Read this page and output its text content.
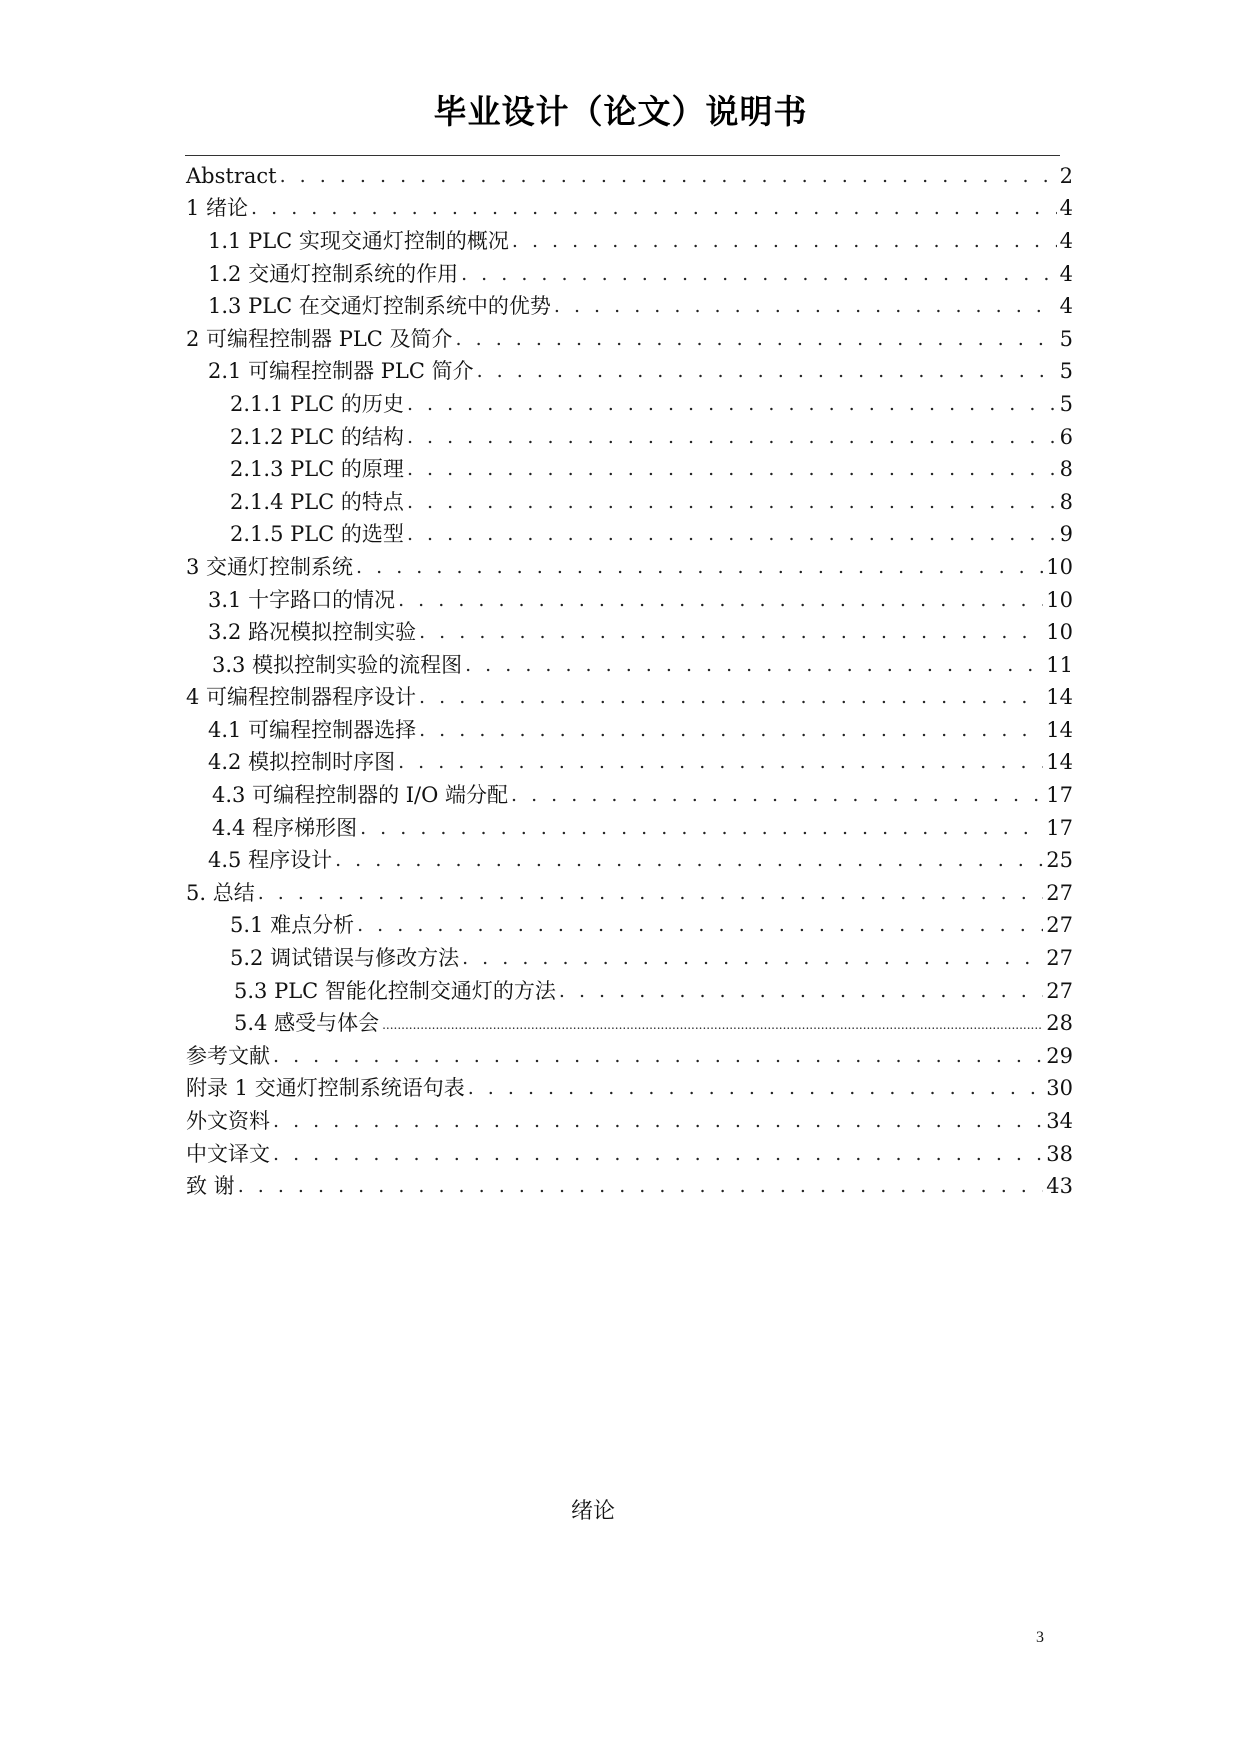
毕业设计（论文）说明书
Abstract . . .	2
1 绪论 . . .	4
1.1 PLC 实现交通灯控制的概况 . . .	4
1.2 交通灯控制系统的作用 . . .	4
1.3 PLC 在交通灯控制系统中的优势 . . .	4
2 可编程控制器 PLC 及简介 . . .	5
2.1 可编程控制器 PLC 简介 . . .	5
2.1.1 PLC 的历史 . . .	5
2.1.2 PLC 的结构 . . .	6
2.1.3 PLC 的原理 . . .	8
2.1.4 PLC 的特点 . . .	8
2.1.5 PLC 的选型 . . .	9
3 交通灯控制系统 . . .	10
3.1 十字路口的情况 . . .	10
3.2 路况模拟控制实验 . . .	10
3.3 模拟控制实验的流程图 . . .	11
4 可编程控制器程序设计 . . .	14
4.1 可编程控制器选择 . . .	14
4.2 模拟控制时序图 . . .	14
4.3 可编程控制器的 I/O 端分配 . . .	17
4.4 程序梯形图 . . .	17
4.5 程序设计 . . .	25
5. 总结 . . .	27
5.1 难点分析 . . .	27
5.2 调试错误与修改方法 . . .	27
5.3 PLC 智能化控制交通灯的方法 . . .	27
5.4 感受与体会 .....	28
参考文献 . . .	29
附录 1 交通灯控制系统语句表 . . .	30
外文资料 . . .	34
中文译文 . . .	38
致 谢 . . .	43
绪论
3
